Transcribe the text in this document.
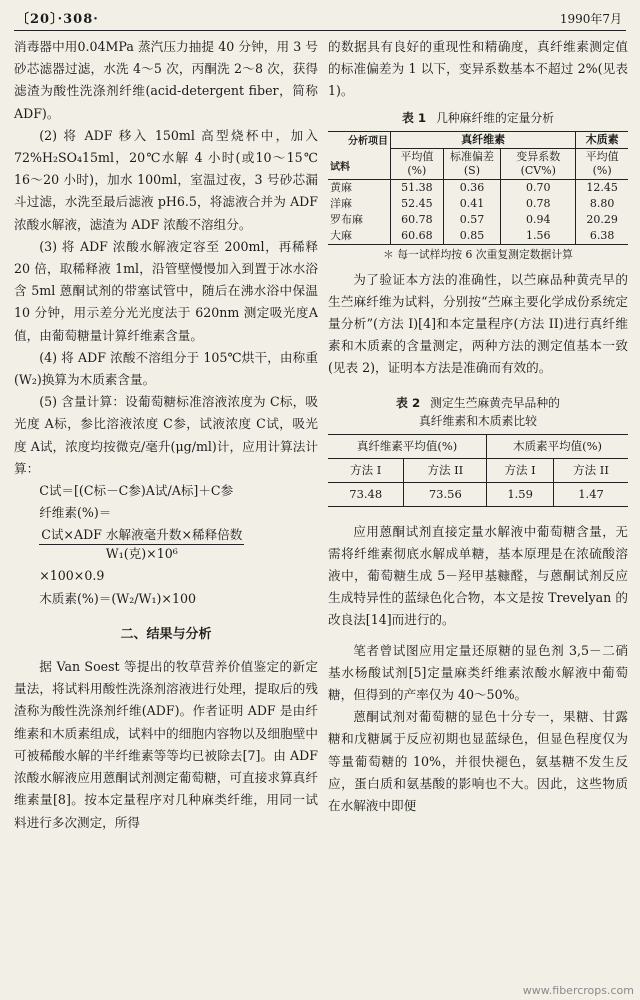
〔20〕·308·	1990年7月

消毒器中用0.04MPa 蒸汽压力抽提 40 分钟，用 3 号砂芯滤器过滤，水洗 4～5 次，丙酮洗 2～8 次，获得滤渣为酸性洗涤剂纤维(acid-detergent fiber，简称 ADF)。

(2) 将 ADF 移入 150ml 高型烧杯中，加入 72%H₂SO₄15ml，20℃水解 4 小时(或10～15℃ 16～20 小时)，加水 100ml，室温过夜，3 号砂芯漏斗过滤，水洗至最后滤液 pH6.5，将滤液合并为 ADF 浓酸水解液，滤渣为 ADF 浓酸不溶组分。

(3) 将 ADF 浓酸水解液定容至 200ml，再稀释 20 倍，取稀释液 1ml，沿管壁慢慢加入到置于冰水浴含 5ml 蒽酮试剂的带塞试管中，随后在沸水浴中保温 10 分钟，用示差分光光度法于 620nm 测定吸光度A值，由葡萄糖量计算纤维素含量。

(4) 将 ADF 浓酸不溶组分于 105℃烘干，由称重(W₂)换算为木质素含量。

(5) 含量计算：设葡萄糖标准溶液浓度为 C标，吸光度 A标，参比溶液浓度 C参，试液浓度 C试，吸光度 A试，浓度均按微克/毫升(μg/ml)计，应用计算法计算：

C试＝[(C标－C参)A试/A标]＋C参

纤维素(%)＝

$\frac{\text{C试×ADF 水解液毫升数×稀释倍数}}{\text{W₁(克)×10⁶}}$

×100×0.9

木质素(%)＝(W₂/W₁)×100

二、结果与分析

据 Van Soest 等提出的牧草营养价值鉴定的新定量法，将试料用酸性洗涤剂溶液进行处理，提取后的残渣称为酸性洗涤剂纤维(ADF)。作者证明 ADF 是由纤维素和木质素组成，试料中的细胞内容物以及细胞壁中可被稀酸水解的半纤维素等等均已被除去[7]。由 ADF 浓酸水解液应用蒽酮试剂测定葡萄糖，可直接求算真纤维素量[8]。按本定量程序对几种麻类纤维，用同一试料进行多次测定，所得

的数据具有良好的重现性和精确度，真纤维素测定值的标准偏差为 1 以下，变异系数基本不超过 2%(见表 1)。

表 1 几种麻纤维的定量分析
分析项目
试料	真纤维素			木质素
	平均值(%)	标准偏差(S)	变异系数(CV%)	平均值(%)
黄麻	51.38	0.36	0.70	12.45
洋麻	52.45	0.41	0.78	8.80
罗布麻	60.78	0.57	0.94	20.29
大麻	60.68	0.85	1.56	6.38
＊ 每一试样均按 6 次重复测定数据计算

为了验证本方法的准确性，以苎麻品种黄壳早的生苎麻纤维为试料，分别按“苎麻主要化学成份系统定量分析”(方法 I)[4]和本定量程序(方法 II)进行真纤维素和木质素的含量测定，两种方法的测定值基本一致(见表 2)，证明本方法是准确而有效的。

表 2 测定生苎麻黄壳早品种的
真纤维素和木质素比较
真纤维素平均值(%)		木质素平均值(%)	
方法 I	方法 II	方法 I	方法 II
73.48	73.56	1.59	1.47

应用蒽酮试剂直接定量水解液中葡萄糖含量，无需将纤维素彻底水解成单糖，基本原理是在浓硫酸溶液中，葡萄糖生成 5－羟甲基糠醛，与蒽酮试剂反应生成特异性的蓝绿色化合物，本文是按 Trevelyan 的改良法[14]而进行的。

笔者曾试图应用定量还原糖的显色剂 3,5－二硝基水杨酸试剂[5]定量麻类纤维素浓酸水解液中葡萄糖，但得到的产率仅为 40～50%。

蒽酮试剂对葡萄糖的显色十分专一，果糖、甘露糖和戊糖属于反应初期也显蓝绿色，但显色程度仅为等量葡萄糖的 10%，并很快褪色，氨基糖不发生反应，蛋白质和氨基酸的影响也不大。因此，这些物质在水解液中即便

www.fibercrops.com
